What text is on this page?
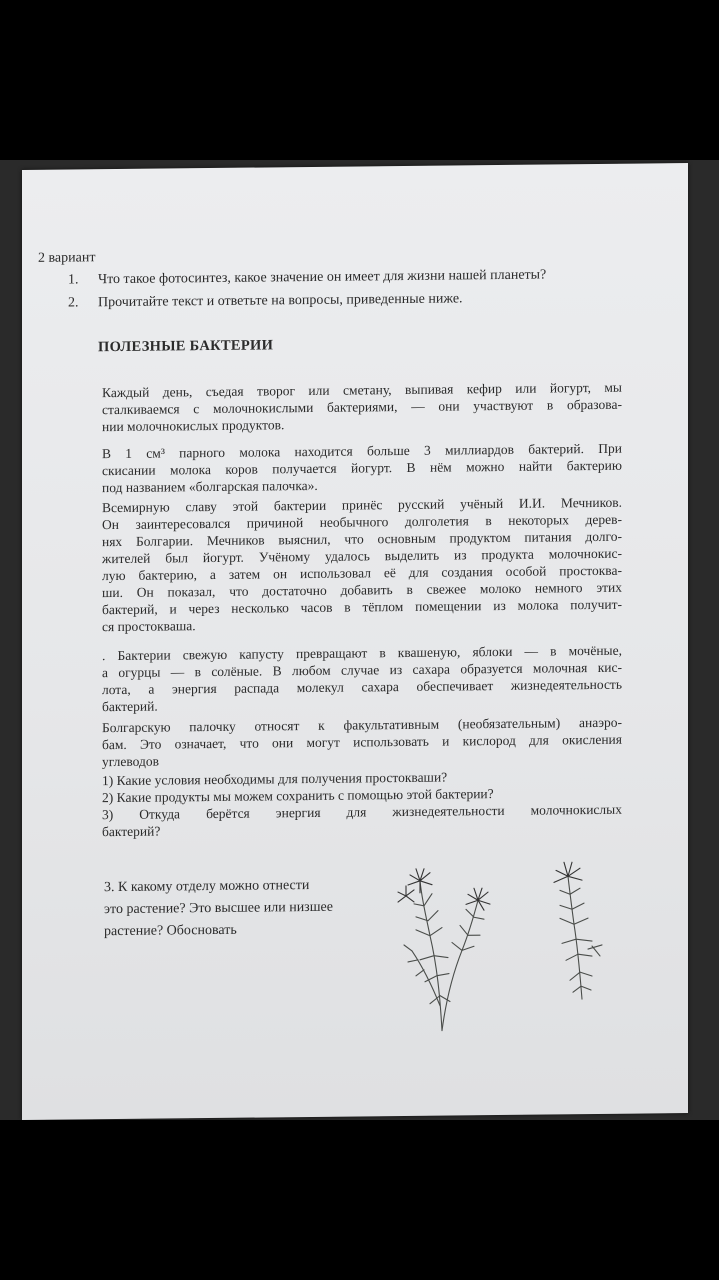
2 вариант
1. Что такое фотосинтез, какое значение он имеет для жизни нашей планеты?
2. Прочитайте текст и ответьте на вопросы, приведенные ниже.
ПОЛЕЗНЫЕ БАКТЕРИИ
Каждый день, съедая творог или сметану, выпивая кефир или йогурт, мы
сталкиваемся с молочнокислыми бактериями, — они участвуют в образова-
нии молочнокислых продуктов.
В 1 см³ парного молока находится больше 3 миллиардов бактерий. При
скисании молока коров получается йогурт. В нём можно найти бактерию
под названием «болгарская палочка».
Всемирную славу этой бактерии принёс русский учёный И.И. Мечников.
Он заинтересовался причиной необычного долголетия в некоторых дерев-
нях Болгарии. Мечников выяснил, что основным продуктом питания долго-
жителей был йогурт. Учёному удалось выделить из продукта молочнокис-
лую бактерию, а затем он использовал её для создания особой простоква-
ши. Он показал, что достаточно добавить в свежее молоко немного этих
бактерий, и через несколько часов в тёплом помещении из молока получит-
ся простокваша.
. Бактерии свежую капусту превращают в квашеную, яблоки — в мочёные,
а огурцы — в солёные. В любом случае из сахара образуется молочная кис-
лота, а энергия распада молекул сахара обеспечивает жизнедеятельность
бактерий.
Болгарскую палочку относят к факультативным (необязательным) анаэро-
бам. Это означает, что они могут использовать и кислород для окисления
углеводов
1) Какие условия необходимы для получения простокваши?
2) Какие продукты мы можем сохранить с помощью этой бактерии?
3) Откуда берётся энергия для жизнедеятельности молочнокислых
бактерий?
3. К какому отделу можно отнести
это растение? Это высшее или низшее
растение? Обосновать
